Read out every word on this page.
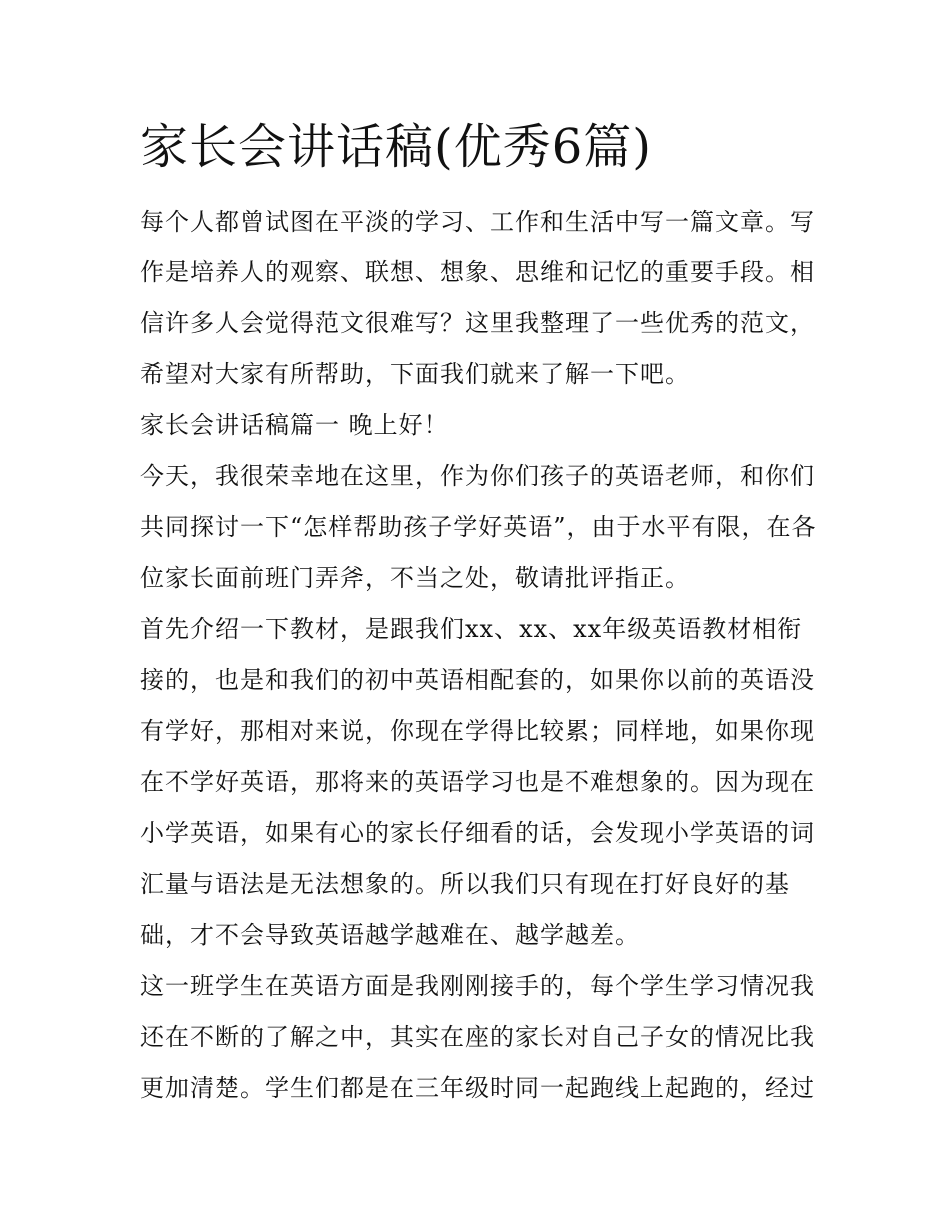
家长会讲话稿(优秀6篇)
每个人都曾试图在平淡的学习、工作和生活中写一篇文章。写
作是培养人的观察、联想、想象、思维和记忆的重要手段。相
信许多人会觉得范文很难写？这里我整理了一些优秀的范文，
希望对大家有所帮助，下面我们就来了解一下吧。
家长会讲话稿篇一 晚上好！
今天，我很荣幸地在这里，作为你们孩子的英语老师，和你们
共同探讨一下“怎样帮助孩子学好英语”，由于水平有限，在各
位家长面前班门弄斧，不当之处，敬请批评指正。
首先介绍一下教材，是跟我们xx、xx、xx年级英语教材相衔
接的，也是和我们的初中英语相配套的，如果你以前的英语没
有学好，那相对来说，你现在学得比较累；同样地，如果你现
在不学好英语，那将来的英语学习也是不难想象的。因为现在
小学英语，如果有心的家长仔细看的话，会发现小学英语的词
汇量与语法是无法想象的。所以我们只有现在打好良好的基
础，才不会导致英语越学越难在、越学越差。
这一班学生在英语方面是我刚刚接手的，每个学生学习情况我
还在不断的了解之中，其实在座的家长对自己子女的情况比我
更加清楚。学生们都是在三年级时同一起跑线上起跑的，经过
